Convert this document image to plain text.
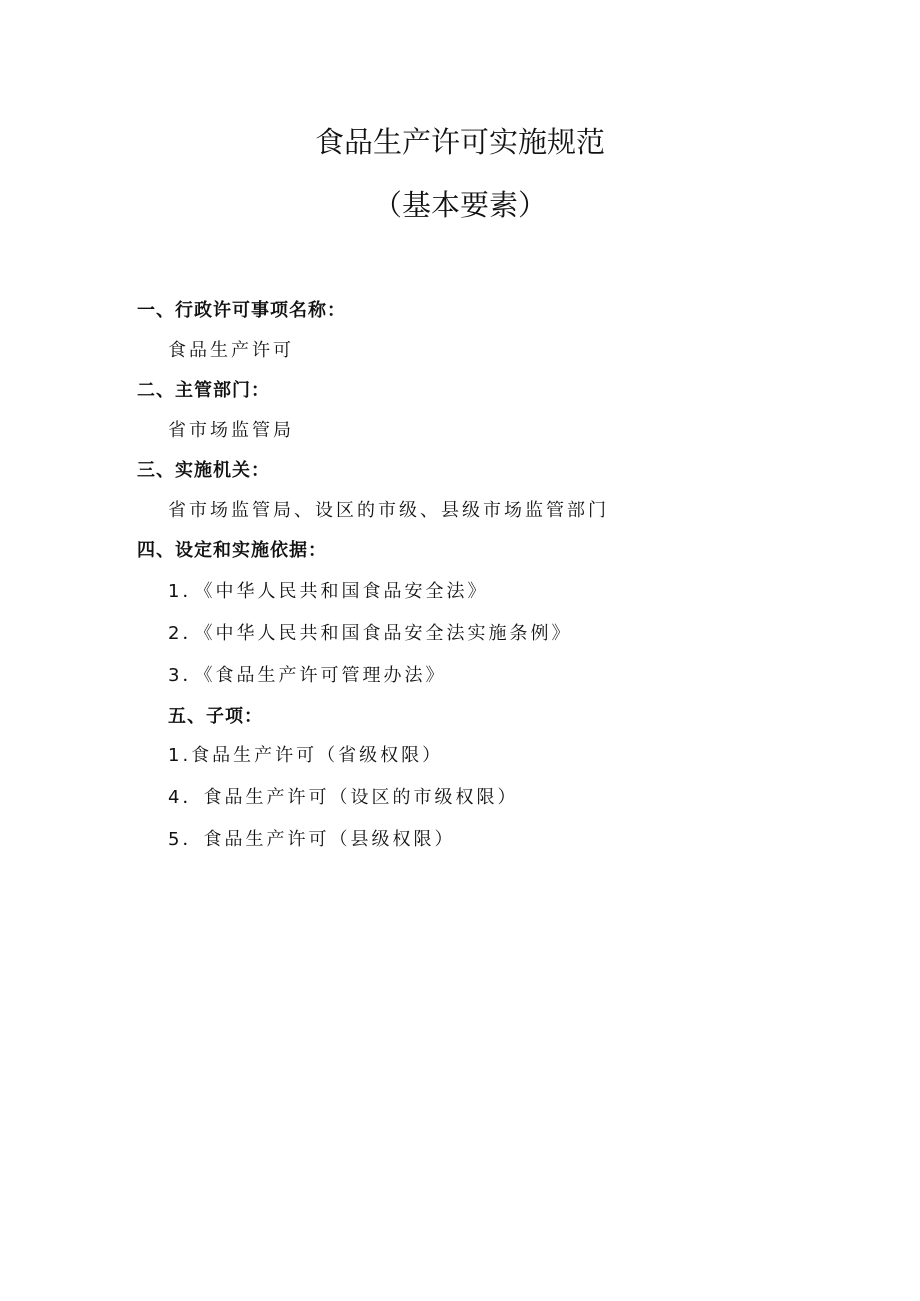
食品生产许可实施规范
（基本要素）

一、行政许可事项名称：

食品生产许可

二、主管部门：

省市场监管局

三、实施机关：

省市场监管局、设区的市级、县级市场监管部门

四、设定和实施依据：

1．《中华人民共和国食品安全法》

2．《中华人民共和国食品安全法实施条例》

3．《食品生产许可管理办法》

五、子项：

1.食品生产许可（省级权限）

4．食品生产许可（设区的市级权限）

5．食品生产许可（县级权限）
